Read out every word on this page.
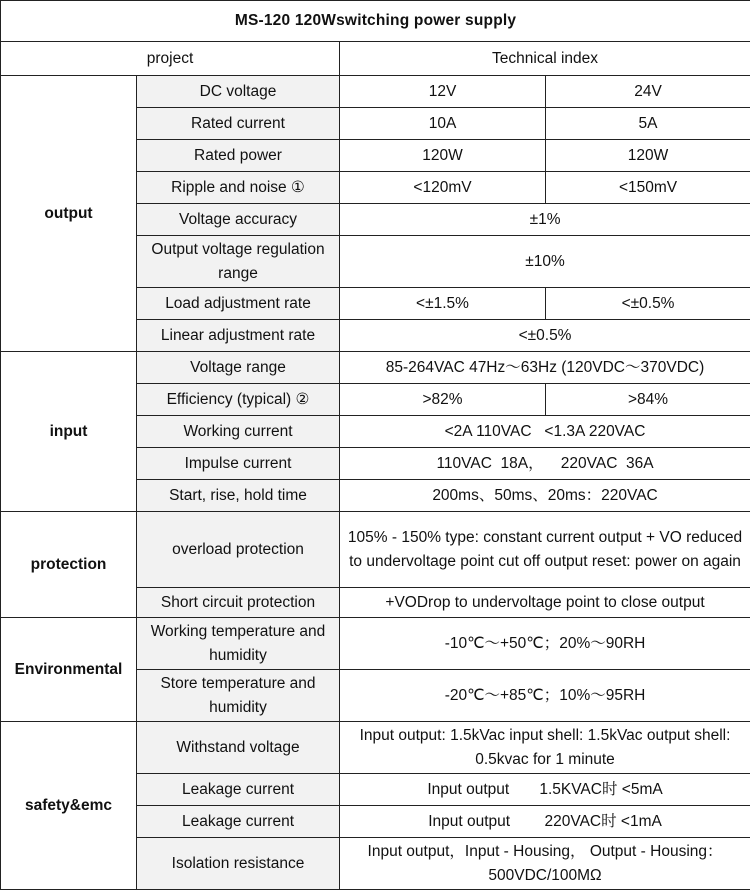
MS-120 120Wswitching power supply			
project		Technical index	
output	DC voltage	12V	24V
	Rated current	10A	5A
	Rated power	120W	120W
	Ripple and noise ①	<120mV	<150mV
	Voltage accuracy	±1%	
	Output voltage regulation range	±10%	
	Load adjustment rate	<±1.5%	<±0.5%
	Linear adjustment rate	<±0.5%	
input	Voltage range	85-264VAC 47Hz～63Hz (120VDC～370VDC)	
	Efficiency (typical) ②	>82%	>84%
	Working current	<2A 110VAC   <1.3A 220VAC	
	Impulse current	110VAC  18A，    220VAC  36A	
	Start, rise, hold time	200ms、50ms、20ms：220VAC	
protection	overload protection	105% - 150% type: constant current output + VO reduced to undervoltage point cut off output reset: power on again	
	Short circuit protection	+VODrop to undervoltage point to close output	
Environmental	Working temperature and humidity	-10℃～+50℃；20%～90RH	
	Store temperature and humidity	-20℃～+85℃；10%～95RH	
safety&emc	Withstand voltage	Input output: 1.5kVac input shell: 1.5kVac output shell: 0.5kvac for 1 minute	
	Leakage current	Input output       1.5KVAC时 <5mA	
	Leakage current	Input output        220VAC时 <1mA	
	Isolation resistance	Input output，Input - Housing， Output - Housing：500VDC/100MΩ	
